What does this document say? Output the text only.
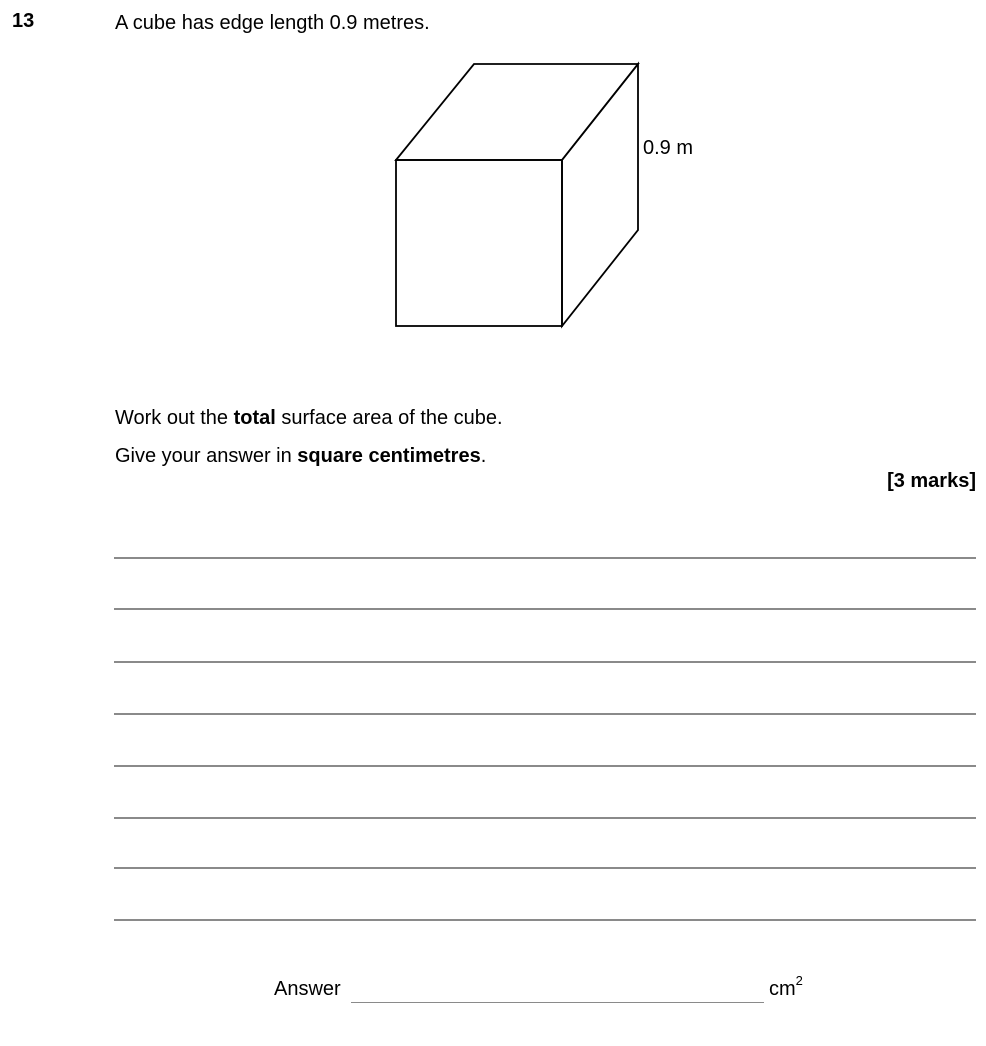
13	A cube has edge length 0.9 metres.
0.9 m
Work out the total surface area of the cube.
Give your answer in square centimetres.
[3 marks]
Answer	$cm^2$
